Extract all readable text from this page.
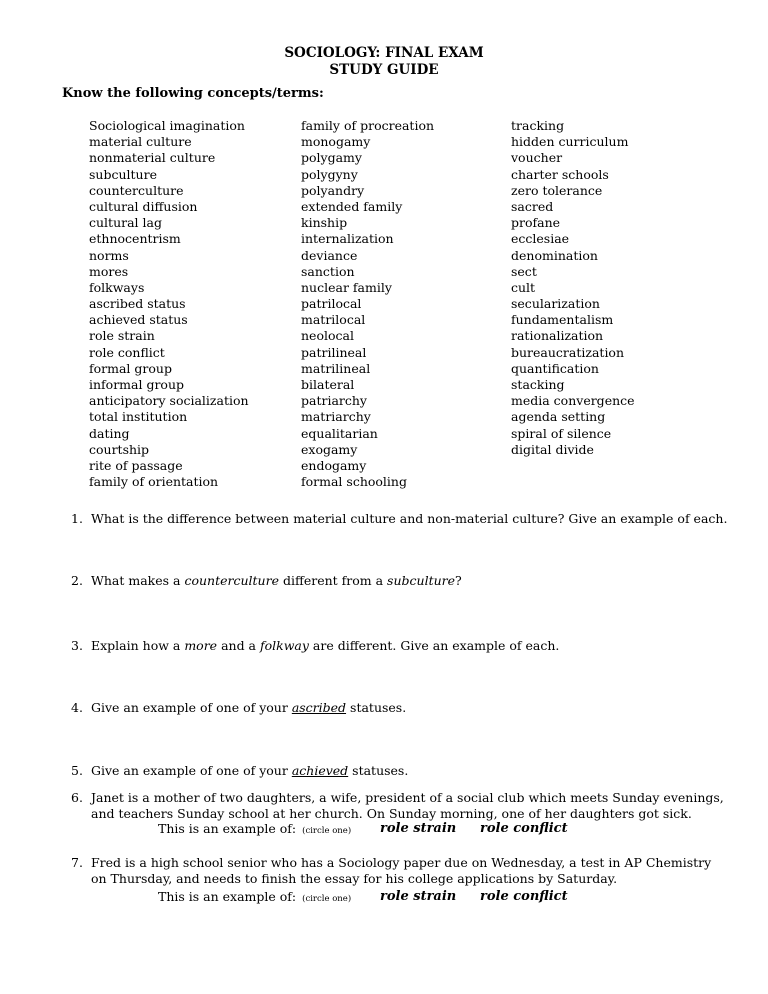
SOCIOLOGY: FINAL EXAM
STUDY GUIDE
Know the following concepts/terms:
Sociological imagination
material culture
nonmaterial culture
subculture
counterculture
cultural diffusion
cultural lag
ethnocentrism
norms
mores
folkways
ascribed status
achieved status
role strain
role conflict
formal group
informal group
anticipatory socialization
total institution
dating
courtship
rite of passage
family of orientation
family of procreation
monogamy
polygamy
polygyny
polyandry
extended family
kinship
internalization
deviance
sanction
nuclear family
patrilocal
matrilocal
neolocal
patrilineal
matrilineal
bilateral
patriarchy
matriarchy
equalitarian
exogamy
endogamy
formal schooling
tracking
hidden curriculum
voucher
charter schools
zero tolerance
sacred
profane
ecclesiae
denomination
sect
cult
secularization
fundamentalism
rationalization
bureaucratization
quantification
stacking
media convergence
agenda setting
spiral of silence
digital divide
1. What is the difference between material culture and non-material culture? Give an example of each.
2. What makes a counterculture different from a subculture?
3. Explain how a more and a folkway are different. Give an example of each.
4. Give an example of one of your ascribed statuses.
5. Give an example of one of your achieved statuses.
6. Janet is a mother of two daughters, a wife, president of a social club which meets Sunday evenings,
and teachers Sunday school at her church. On Sunday morning, one of her daughters got sick.
This is an example of: (circle one) role strain role conflict
7. Fred is a high school senior who has a Sociology paper due on Wednesday, a test in AP Chemistry
on Thursday, and needs to finish the essay for his college applications by Saturday.
This is an example of: (circle one) role strain role conflict
